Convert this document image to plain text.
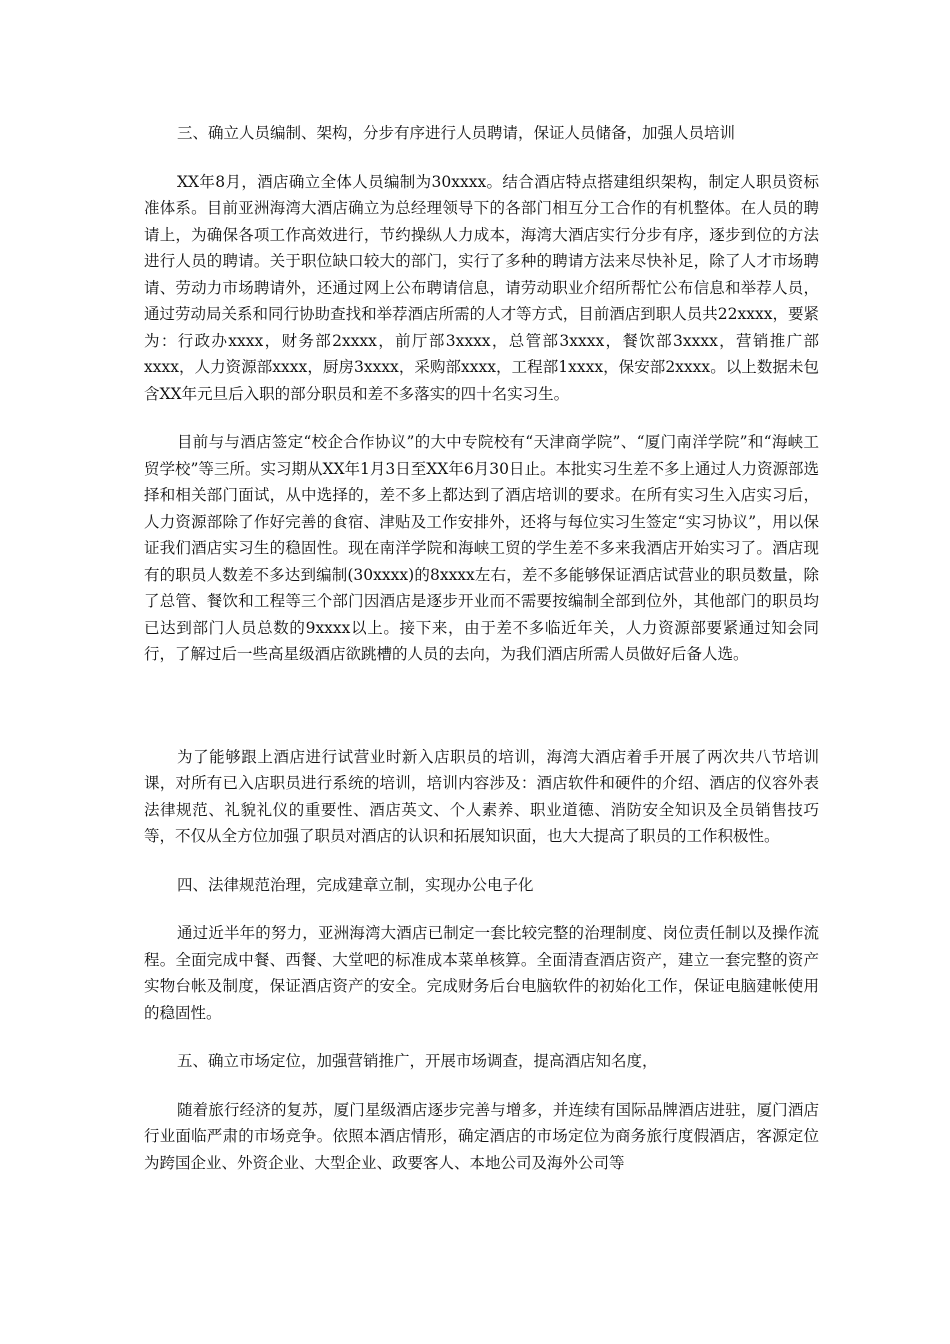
三、确立人员编制、架构，分步有序进行人员聘请，保证人员储备，加强人员培训

XX年8月，酒店确立全体人员编制为30xxxx。结合酒店特点搭建组织架构，制定人职员资标准体系。目前亚洲海湾大酒店确立为总经理领导下的各部门相互分工合作的有机整体。在人员的聘请上，为确保各项工作高效进行，节约操纵人力成本，海湾大酒店实行分步有序，逐步到位的方法进行人员的聘请。关于职位缺口较大的部门，实行了多种的聘请方法来尽快补足，除了人才市场聘请、劳动力市场聘请外，还通过网上公布聘请信息，请劳动职业介绍所帮忙公布信息和举荐人员，通过劳动局关系和同行协助查找和举荐酒店所需的人才等方式，目前酒店到职人员共22xxxx，要紧为：行政办xxxx，财务部2xxxx，前厅部3xxxx，总管部3xxxx，餐饮部3xxxx，营销推广部xxxx，人力资源部xxxx，厨房3xxxx，采购部xxxx，工程部1xxxx，保安部2xxxx。以上数据未包含XX年元旦后入职的部分职员和差不多落实的四十名实习生。

目前与与酒店签定“校企合作协议”的大中专院校有“天津商学院”、“厦门南洋学院”和“海峡工贸学校”等三所。实习期从XX年1月3日至XX年6月30日止。本批实习生差不多上通过人力资源部选择和相关部门面试，从中选择的，差不多上都达到了酒店培训的要求。在所有实习生入店实习后，人力资源部除了作好完善的食宿、津贴及工作安排外，还将与每位实习生签定“实习协议”，用以保证我们酒店实习生的稳固性。现在南洋学院和海峡工贸的学生差不多来我酒店开始实习了。酒店现有的职员人数差不多达到编制(30xxxx)的8xxxx左右，差不多能够保证酒店试营业的职员数量，除了总管、餐饮和工程等三个部门因酒店是逐步开业而不需要按编制全部到位外，其他部门的职员均已达到部门人员总数的9xxxx以上。接下来，由于差不多临近年关，人力资源部要紧通过知会同行，了解过后一些高星级酒店欲跳槽的人员的去向，为我们酒店所需人员做好后备人选。

为了能够跟上酒店进行试营业时新入店职员的培训，海湾大酒店着手开展了两次共八节培训课，对所有已入店职员进行系统的培训，培训内容涉及：酒店软件和硬件的介绍、酒店的仪容外表法律规范、礼貌礼仪的重要性、酒店英文、个人素养、职业道德、消防安全知识及全员销售技巧等，不仅从全方位加强了职员对酒店的认识和拓展知识面，也大大提高了职员的工作积极性。

四、法律规范治理，完成建章立制，实现办公电子化

通过近半年的努力，亚洲海湾大酒店已制定一套比较完整的治理制度、岗位责任制以及操作流程。全面完成中餐、西餐、大堂吧的标准成本菜单核算。全面清查酒店资产，建立一套完整的资产实物台帐及制度，保证酒店资产的安全。完成财务后台电脑软件的初始化工作，保证电脑建帐使用的稳固性。

五、确立市场定位，加强营销推广，开展市场调查，提高酒店知名度，

随着旅行经济的复苏，厦门星级酒店逐步完善与增多，并连续有国际品牌酒店进驻，厦门酒店行业面临严肃的市场竞争。依照本酒店情形，确定酒店的市场定位为商务旅行度假酒店，客源定位为跨国企业、外资企业、大型企业、政要客人、本地公司及海外公司等
